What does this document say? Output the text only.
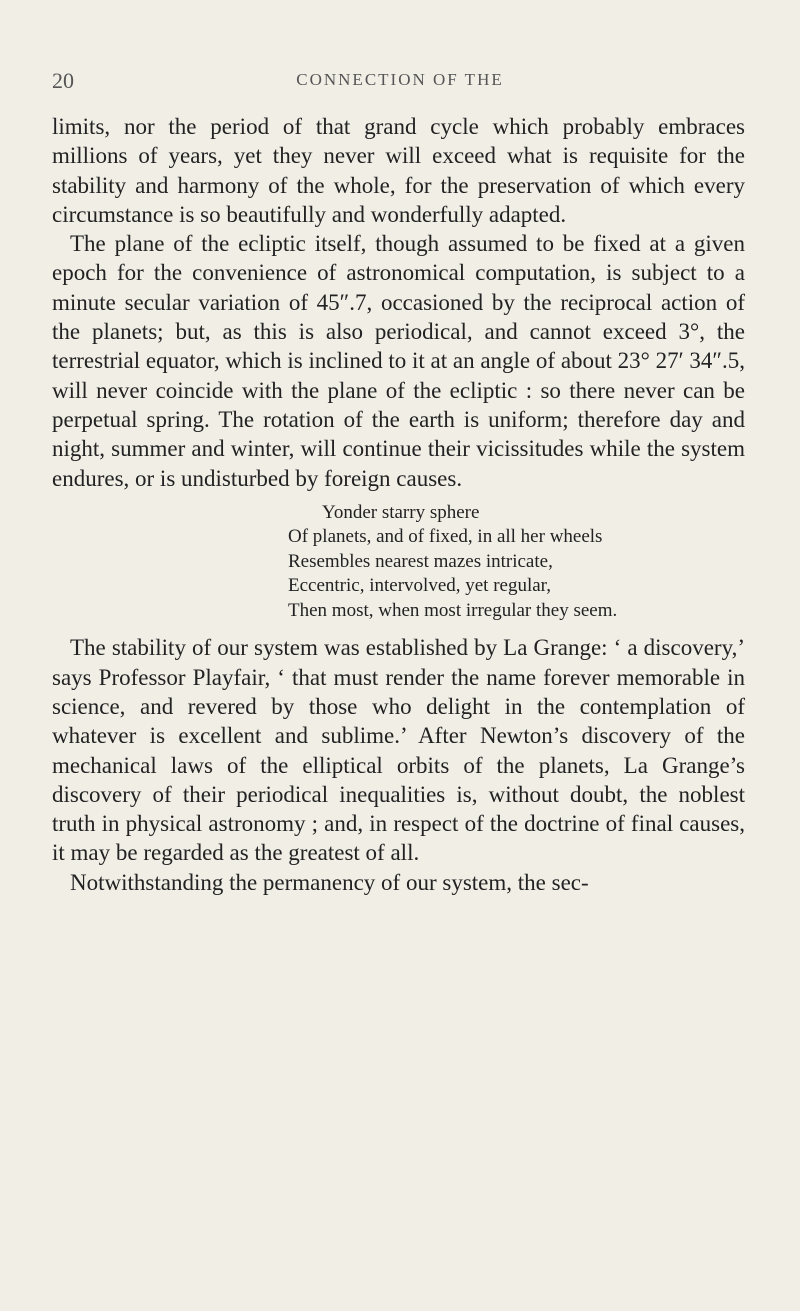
20	CONNECTION OF THE

limits, nor the period of that grand cycle which probably embraces millions of years, yet they never will exceed what is requisite for the stability and harmony of the whole, for the preservation of which every circumstance is so beautifully and wonderfully adapted.

The plane of the ecliptic itself, though assumed to be fixed at a given epoch for the convenience of astronomical computation, is subject to a minute secular variation of 45″.7, occasioned by the reciprocal action of the planets; but, as this is also periodical, and cannot exceed 3°, the terrestrial equator, which is inclined to it at an angle of about 23° 27′ 34″.5, will never coincide with the plane of the ecliptic : so there never can be perpetual spring. The rotation of the earth is uniform; therefore day and night, summer and winter, will continue their vicissitudes while the system endures, or is undisturbed by foreign causes.

Yonder starry sphere
Of planets, and of fixed, in all her wheels
Resembles nearest mazes intricate,
Eccentric, intervolved, yet regular,
Then most, when most irregular they seem.

The stability of our system was established by La Grange: ‘ a discovery,’ says Professor Playfair, ‘ that must render the name forever memorable in science, and revered by those who delight in the contemplation of whatever is excellent and sublime.’ After Newton’s discovery of the mechanical laws of the elliptical orbits of the planets, La Grange’s discovery of their periodical inequalities is, without doubt, the noblest truth in physical astronomy ; and, in respect of the doctrine of final causes, it may be regarded as the greatest of all.

Notwithstanding the permanency of our system, the sec-
